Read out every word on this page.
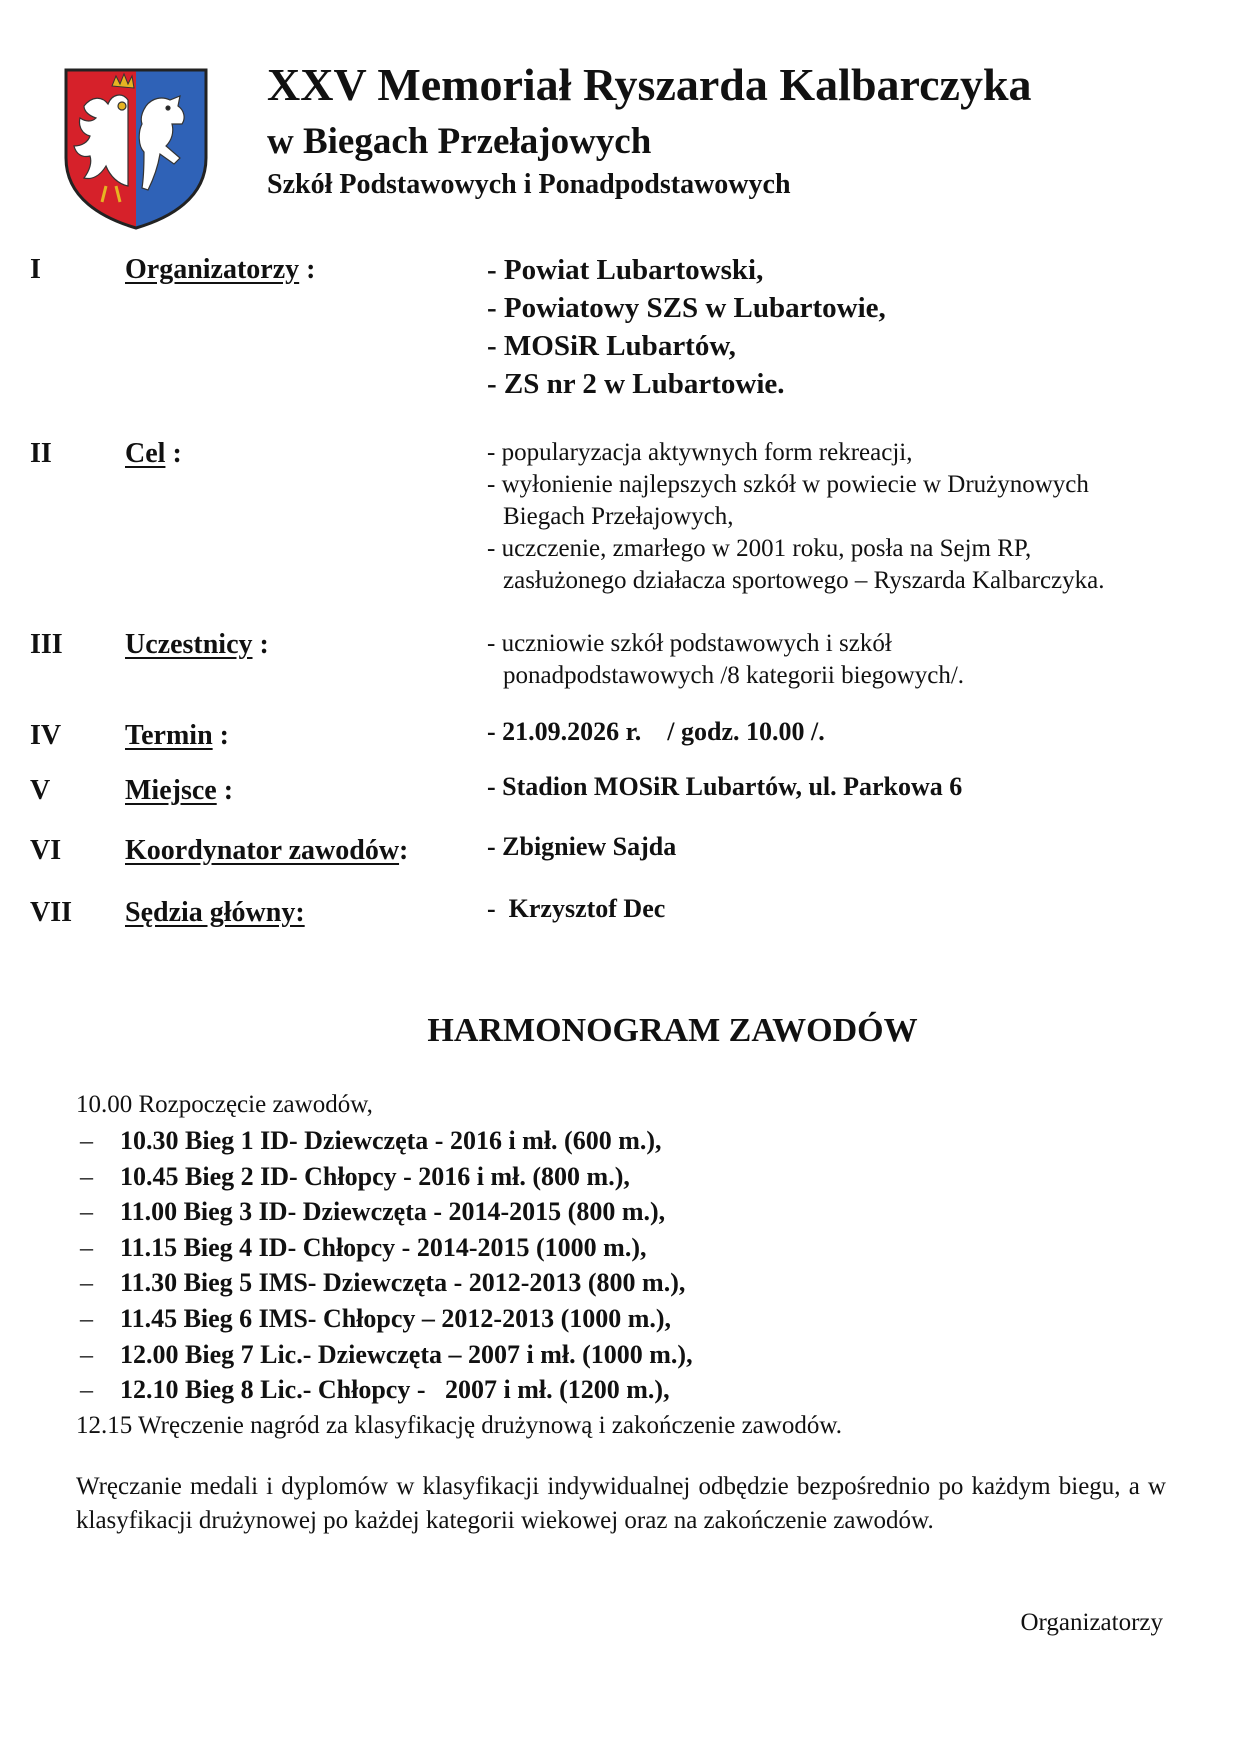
XXV Memoriał Ryszarda Kalbarczyka
w Biegach Przełajowych
Szkół Podstawowych i Ponadpodstawowych
I	Organizatorzy :	- Powiat Lubartowski,
- Powiatowy SZS w Lubartowie,
- MOSiR Lubartów,
- ZS nr 2 w Lubartowie.
II	Cel :	- popularyzacja aktywnych form rekreacji,
- wyłonienie najlepszych szkół w powiecie w Drużynowych
Biegach Przełajowych,
- uczczenie, zmarłego w 2001 roku, posła na Sejm RP,
zasłużonego działacza sportowego – Ryszarda Kalbarczyka.
III Uczestnicy :	- uczniowie szkół podstawowych i szkół
ponadpodstawowych /8 kategorii biegowych/.
IV Termin :	- 21.09.2026 r.    / godz. 10.00 /.
V	Miejsce :	- Stadion MOSiR Lubartów, ul. Parkowa 6
VI Koordynator zawodów:	- Zbigniew Sajda
VII Sędzia główny:	-  Krzysztof Dec
HARMONOGRAM ZAWODÓW
10.00 Rozpoczęcie zawodów,
– 10.30 Bieg 1 ID- Dziewczęta - 2016 i mł. (600 m.),
– 10.45 Bieg 2 ID- Chłopcy - 2016 i mł. (800 m.),
– 11.00 Bieg 3 ID- Dziewczęta - 2014-2015 (800 m.),
– 11.15 Bieg 4 ID- Chłopcy - 2014-2015 (1000 m.),
– 11.30 Bieg 5 IMS- Dziewczęta - 2012-2013 (800 m.),
– 11.45 Bieg 6 IMS- Chłopcy – 2012-2013 (1000 m.),
– 12.00 Bieg 7 Lic.- Dziewczęta – 2007 i mł. (1000 m.),
– 12.10 Bieg 8 Lic.- Chłopcy -   2007 i mł. (1200 m.),
12.15 Wręczenie nagród za klasyfikację drużynową i zakończenie zawodów.
Wręczanie medali i dyplomów w klasyfikacji indywidualnej odbędzie bezpośrednio po każdym biegu, a w klasyfikacji drużynowej po każdej kategorii wiekowej oraz na zakończenie zawodów.
Organizatorzy
